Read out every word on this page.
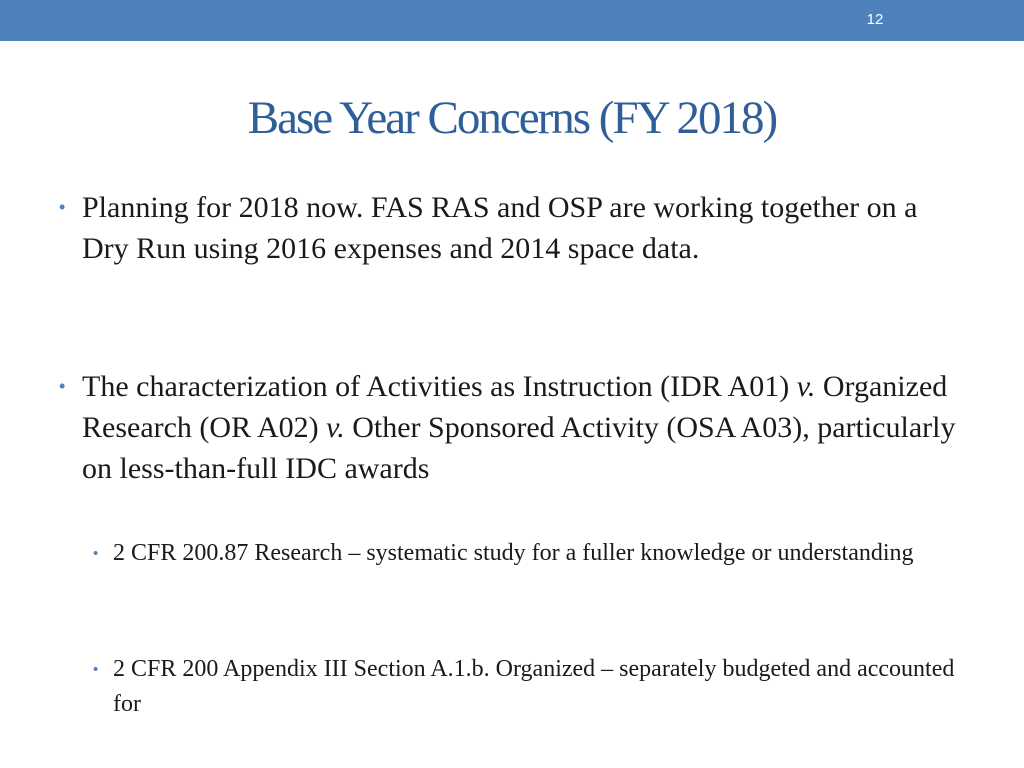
12
Base Year Concerns (FY 2018)
• Planning for 2018 now. FAS RAS and OSP are working together on a Dry Run using 2016 expenses and 2014 space data.
• The characterization of Activities as Instruction (IDR A01) v. Organized Research (OR A02) v. Other Sponsored Activity (OSA A03), particularly on less-than-full IDC awards
• 2 CFR 200.87 Research – systematic study for a fuller knowledge or understanding
• 2 CFR 200 Appendix III Section A.1.b. Organized – separately budgeted and accounted for
